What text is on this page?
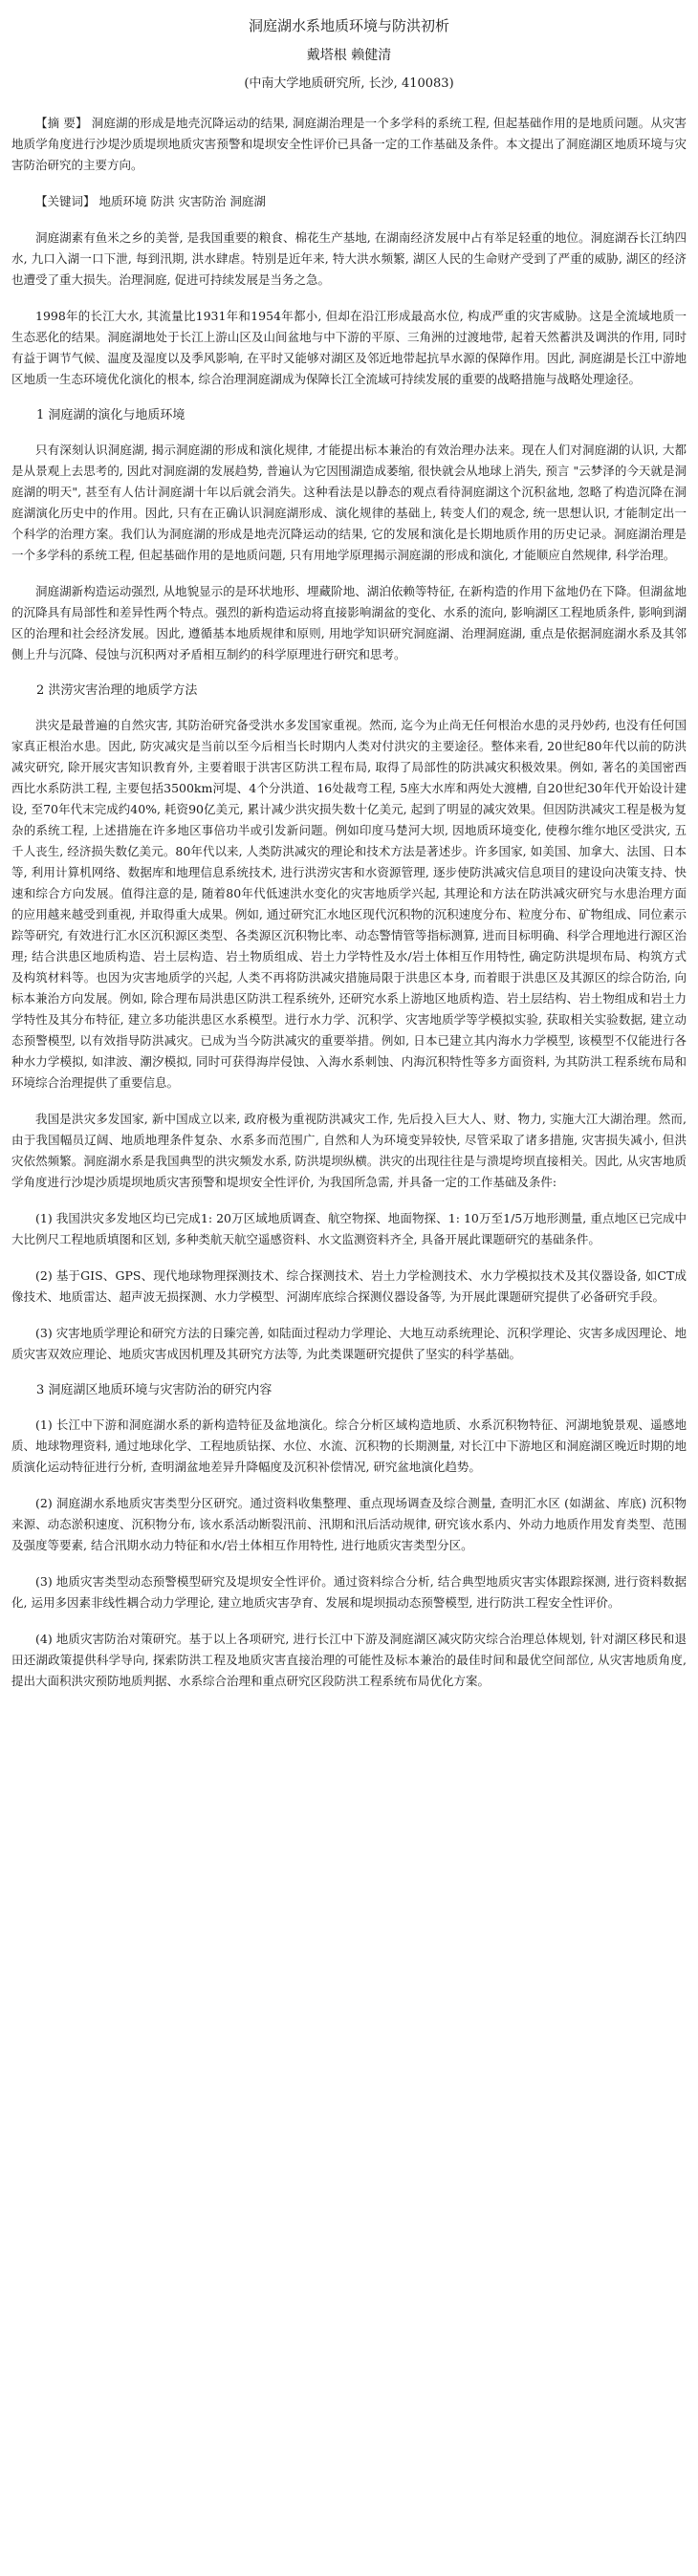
洞庭湖水系地质环境与防洪初析
戴塔根 赖健清
(中南大学地质研究所, 长沙, 410083)

【摘 要】 洞庭湖的形成是地壳沉降运动的结果, 洞庭湖治理是一个多学科的系统工程, 但起基础作用的是地质问题。从灾害地质学角度进行沙堤沙质堤坝地质灾害预警和堤坝安全性评价已具备一定的工作基础及条件。本文提出了洞庭湖区地质环境与灾害防治研究的主要方向。

【关键词】 地质环境 防洪 灾害防治 洞庭湖

洞庭湖素有鱼米之乡的美誉, 是我国重要的粮食、棉花生产基地, 在湖南经济发展中占有举足轻重的地位。洞庭湖吞长江纳四水, 九口入湖一口下泄, 每到汛期, 洪水肆虐。特别是近年来, 特大洪水频繁, 湖区人民的生命财产受到了严重的威胁, 湖区的经济也遭受了重大损失。治理洞庭, 促进可持续发展是当务之急。

1998年的长江大水, 其流量比1931年和1954年都小, 但却在沿江形成最高水位, 构成严重的灾害威胁。这是全流域地质一生态恶化的结果。洞庭湖地处于长江上游山区及山间盆地与中下游的平原、三角洲的过渡地带, 起着天然蓄洪及调洪的作用, 同时有益于调节气候、温度及湿度以及季风影响, 在平时又能够对湖区及邻近地带起抗旱水源的保障作用。因此, 洞庭湖是长江中游地区地质一生态环境优化演化的根本, 综合治理洞庭湖成为保障长江全流域可持续发展的重要的战略措施与战略处理途径。

1 洞庭湖的演化与地质环境

只有深刻认识洞庭湖, 揭示洞庭湖的形成和演化规律, 才能提出标本兼治的有效治理办法来。现在人们对洞庭湖的认识, 大都是从景观上去思考的, 因此对洞庭湖的发展趋势, 普遍认为它因围湖造成萎缩, 很快就会从地球上消失, 预言 "云梦泽的今天就是洞庭湖的明天", 甚至有人估计洞庭湖十年以后就会消失。这种看法是以静态的观点看待洞庭湖这个沉积盆地, 忽略了构造沉降在洞庭湖演化历史中的作用。因此, 只有在正确认识洞庭湖形成、演化规律的基础上, 转变人们的观念, 统一思想认识, 才能制定出一个科学的治理方案。我们认为洞庭湖的形成是地壳沉降运动的结果, 它的发展和演化是长期地质作用的历史记录。洞庭湖治理是一个多学科的系统工程, 但起基础作用的是地质问题, 只有用地学原理揭示洞庭湖的形成和演化, 才能顺应自然规律, 科学治理。

洞庭湖新构造运动强烈, 从地貌显示的是环状地形、埋藏阶地、湖泊依赖等特征, 在新构造的作用下盆地仍在下降。但湖盆地的沉降具有局部性和差异性两个特点。强烈的新构造运动将直接影响湖盆的变化、水系的流向, 影响湖区工程地质条件, 影响到湖区的治理和社会经济发展。因此, 遵循基本地质规律和原则, 用地学知识研究洞庭湖、治理洞庭湖, 重点是依据洞庭湖水系及其邻侧上升与沉降、侵蚀与沉积两对矛盾相互制约的科学原理进行研究和思考。

2 洪涝灾害治理的地质学方法

洪灾是最普遍的自然灾害, 其防治研究备受洪水多发国家重视。然而, 迄今为止尚无任何根治水患的灵丹妙药, 也没有任何国家真正根治水患。因此, 防灾减灾是当前以至今后相当长时期内人类对付洪灾的主要途径。整体来看, 20世纪80年代以前的防洪减灾研究, 除开展灾害知识教育外, 主要着眼于洪害区防洪工程布局, 取得了局部性的防洪减灾积极效果。例如, 著名的美国密西西比水系防洪工程, 主要包括3500km河堤、4个分洪道、16处裁弯工程, 5座大水库和两处大渡槽, 自20世纪30年代开始设计建设, 至70年代末完成约40%, 耗资90亿美元, 累计减少洪灾损失数十亿美元, 起到了明显的减灾效果。但因防洪减灾工程是极为复杂的系统工程, 上述措施在许多地区事倍功半或引发新问题。例如印度马楚河大坝, 因地质环境变化, 使穆尔维尔地区受洪灾, 五千人丧生, 经济损失数亿美元。80年代以来, 人类防洪减灾的理论和技术方法是著述步。许多国家, 如美国、加拿大、法国、日本等, 利用计算机网络、数据库和地理信息系统技术, 进行洪涝灾害和水资源管理, 逐步使防洪减灾信息项目的建设向决策支持、快速和综合方向发展。值得注意的是, 随着80年代低速洪水变化的灾害地质学兴起, 其理论和方法在防洪减灾研究与水患治理方面的应用越来越受到重视, 并取得重大成果。例如, 通过研究汇水地区现代沉积物的沉积速度分布、粒度分布、矿物组成、同位素示踪等研究, 有效进行汇水区沉积源区类型、各类源区沉积物比率、动态警情管等指标测算, 进而目标明确、科学合理地进行源区治理; 结合洪患区地质构造、岩土层构造、岩土物质组成、岩土力学特性及水/岩土体相互作用特性, 确定防洪堤坝布局、构筑方式及构筑材料等。也因为灾害地质学的兴起, 人类不再将防洪减灾措施局限于洪患区本身, 而着眼于洪患区及其源区的综合防治, 向标本兼治方向发展。例如, 除合理布局洪患区防洪工程系统外, 还研究水系上游地区地质构造、岩土层结构、岩土物组成和岩土力学特性及其分布特征, 建立多功能洪患区水系模型。进行水力学、沉积学、灾害地质学等学模拟实验, 获取相关实验数据, 建立动态预警模型, 以有效指导防洪减灾。已成为当今防洪减灾的重要举措。例如, 日本已建立其内海水力学模型, 该模型不仅能进行各种水力学模拟, 如津波、潮汐模拟, 同时可获得海岸侵蚀、入海水系刺蚀、内海沉积特性等多方面资料, 为其防洪工程系统布局和环境综合治理提供了重要信息。

我国是洪灾多发国家, 新中国成立以来, 政府极为重视防洪减灾工作, 先后投入巨大人、财、物力, 实施大江大湖治理。然而, 由于我国幅员辽阔、地质地理条件复杂、水系多而范围广, 自然和人为环境变异较快, 尽管采取了诸多措施, 灾害损失减小, 但洪灾依然频繁。洞庭湖水系是我国典型的洪灾频发水系, 防洪堤坝纵横。洪灾的出现往往是与溃堤垮坝直接相关。因此, 从灾害地质学角度进行沙堤沙质堤坝地质灾害预警和堤坝安全性评价, 为我国所急需, 并具备一定的工作基础及条件:

(1) 我国洪灾多发地区均已完成1: 20万区域地质调查、航空物探、地面物探、1: 10万至1/5万地形测量, 重点地区已完成中大比例尺工程地质填图和区划, 多种类航天航空遥感资料、水文监测资料齐全, 具备开展此课题研究的基础条件。

(2) 基于GIS、GPS、现代地球物理探测技术、综合探测技术、岩土力学检测技术、水力学模拟技术及其仪器设备, 如CT成像技术、地质雷达、超声波无损探测、水力学模型、河湖库底综合探测仪器设备等, 为开展此课题研究提供了必备研究手段。

(3) 灾害地质学理论和研究方法的日臻完善, 如陆面过程动力学理论、大地互动系统理论、沉积学理论、灾害多成因理论、地质灾害双效应理论、地质灾害成因机理及其研究方法等, 为此类课题研究提供了坚实的科学基础。

3 洞庭湖区地质环境与灾害防治的研究内容

(1) 长江中下游和洞庭湖水系的新构造特征及盆地演化。综合分析区域构造地质、水系沉积物特征、河湖地貌景观、遥感地质、地球物理资料, 通过地球化学、工程地质钻探、水位、水流、沉积物的长期测量, 对长江中下游地区和洞庭湖区晚近时期的地质演化运动特征进行分析, 查明湖盆地差异升降幅度及沉积补偿情况, 研究盆地演化趋势。

(2) 洞庭湖水系地质灾害类型分区研究。通过资料收集整理、重点现场调查及综合测量, 查明汇水区 (如湖盆、库底) 沉积物来源、动态淤积速度、沉积物分布, 该水系活动断裂汛前、汛期和汛后活动规律, 研究该水系内、外动力地质作用发育类型、范围及强度等要素, 结合汛期水动力特征和水/岩土体相互作用特性, 进行地质灾害类型分区。

(3) 地质灾害类型动态预警模型研究及堤坝安全性评价。通过资料综合分析, 结合典型地质灾害实体跟踪探测, 进行资料数据化, 运用多因素非线性耦合动力学理论, 建立地质灾害孕育、发展和堤坝损动态预警模型, 进行防洪工程安全性评价。

(4) 地质灾害防治对策研究。基于以上各项研究, 进行长江中下游及洞庭湖区减灾防灾综合治理总体规划, 针对湖区移民和退田还湖政策提供科学导向, 探索防洪工程及地质灾害直接治理的可能性及标本兼治的最佳时间和最优空间部位, 从灾害地质角度, 提出大面积洪灾预防地质判据、水系综合治理和重点研究区段防洪工程系统布局优化方案。
